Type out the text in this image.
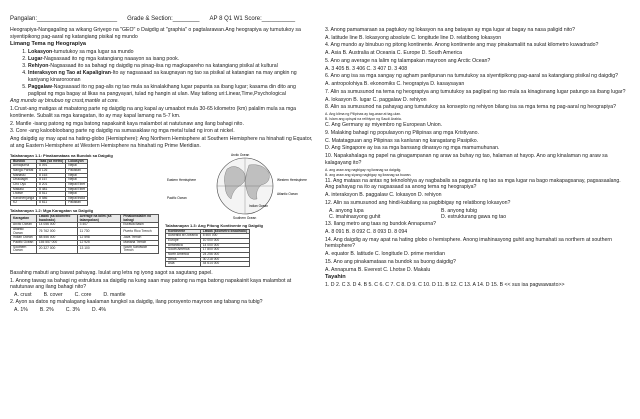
Pangalan:________________________ Grade & Section:________ AP 8 Q1 W1 Score:__________
Heograpiya-Nangagaling sa wikang Griyego na "GEO" o Daigdig at "graphia" o pagtalarawan.Ang heograpiya ay tumutukoy sa siyentipikong pag-aaral ng katangiang pisikal ng mundo
Limang Tema ng Heograpiya
1. Lokasyon-tumutukoy sa mga lugar sa mundo
2. Lugar-Nagsasaad ito ng mga katangiang naaayon sa isang pook.
3. Rehiyon-Nagsasaad ito sa bahagi ng daigdig na pinag-iisa ng magkapareho na katangiang pisikal at kultural
4. Interaksyon ng Tao at Kapaligiran-Ito ay nagsasaad sa kaugnayan ng tao sa pisikal at katangian na may angkin ng kaniyang kinaroroonan
5. Paggalaw-Nagsasaad ito ng pag-alis ng tao mula sa kinalakihang lugar papunta sa ibang lugar; kasama din dito ang paglipat ng mga bagay at likas na pangyayari, tulad ng hangin at ulan. May tatlong uri:Linear,Time,Psychological
Ang mundo ay binubuo ng crust,mantle at core.
1.Crust-ang matigas at mabatong parte ng daigdig na ang kapal ay umaabot mula 30-65 kilometro (km) palalim mula sa mga kontinente. Subalit sa mga karagatan, ito ay may kapal lamang na 5-7 km.
2. Mantle -isang patong ng mga batong napakainit kaya malambot at natutunaw ang ilang bahagi nito.
3. Core -ang kaloobloobang parte ng daigdig na sumasaklaw ng mga metal tulad ng iron at nickel.
Ang daigdig ay may apat na hating-globo (Hemisphere): Ang Northern Hemisphere at Southern Hemisphere na hinahati ng Equator, at ang Eastern Hemisphere at Western Hemisphere na hinahati ng Prime Meridian.
Talahanayan 1.1: Pinakamataas na Bundok sa Daigdig
Bundok	Taas (sa metro)	Lokasyon
Annapurna	8 091	Nepal
Nanga Parbat	8 126	Pakistan
Manaslu	8 163	Nepal
Dhaulagiri	8 167	Nepal
Cho Oyu	8 201	Nepal/Tibet
Makalu	8 481	Nepal/Tibet
Lhotse	8 511	Nepal
Kanchenjunga	8 586	Nepal/India
K2	8 611	Pakistan
Talahanayan 1.2: Mga Karagatan sa Daigdig
Karagatan	Lawak (sa kilometro kwadrado)	Average na lalim (sa talampakan)	Pinakamalalim na bahagi
Arctic Ocean	14 056 000	3 407	Eurasia Basin
Atlantic Ocean	76 762 000	11 730	Puerto Rico Trench
Indian Ocean	68 556 000	12 598	Java Trench
Pacific Ocean	155 557 000	12 925	Mariana Trench
Southern Ocean	20 327 000	13 100	South Sandwich Trench
Arctic Ocean
Eastern Hemisphere	Western Hemisphere
Pacific Ocean
Atlantic Ocean
Indian Ocean
Southern Ocean
Talahanayan 1.3: Ang Pitong Kontinente ng Daigdig
Kontinente	Lawak (kilometro kwadrado)
Australia at Oceania	8 500 000
Europe	10 000 000
Antarctica	14 000 000
South America	17 800 000
North America	24 256 000
Africa	30 218 000
Asia	44 614 000
Basahing mabuti ang bawat pahayag. Isulat ang letra ng iyong sagot sa sagutang papel.
1. Anong tawag sa bahagi ng estruktura sa daigdig na kung saan may patong na mga batong napakainit kaya malambot at natutunaw ang ilang bahagi nito?
A. crust B. cover C. core D. mantle
2. Ayon sa datos ng mahalagang kaalaman tungkol sa daigdig, ilang porsyento mayroon ang tabang na tubig?
A. 1% B. 2% C. 3% D. 4%
3. Anong pamamaraan sa pagtukoy ng lokasyon na ang batayan ay mga lugar at bagay na nasa paligid nito?
A. latitude line B. lokasyong absolute C. longitude line D. relatibong lokasyon
4. Ang mundo ay binubuo ng pitong kontinente. Anong kontinente ang may pinakamaliit na sukat kilometro kuwadrado?
A. Asia B. Australia at Oceania C. Europe D. South America
5. Ano ang average na lalim ng talampakan mayroon ang Arctic Ocean?
A. 3 405 B. 3 406 C. 3 407 D. 3 408
6. Ano ang isa sa mga sangay ng agham panlipunan na tumutukoy sa siyentipikong pag-aaral sa katangiang pisikal ng daigdig?
A. antropolohiya B. ekonomiks C. heograpiya D. kasaysayan
7. Alin sa sumusunod na tema ng heograpiya ang tumutukoy sa paglipat ng tao mula sa kinagisnang lugar patungo sa ibang lugar?
A. lokasyon B. lugar C. paggalaw D. rehiyon
8. Alin sa sumusunod na pahayag ang tumutukoy sa konsepto ng rehiyon bilang isa sa mga tema ng pag-aaral ng heograpiya?
A. Ang klima ng Pilipinas ay tag-araw at tag-ulan.
B. Islam ang opisyal na relihiyon ng Saudi Arabia.
C. Ang Germany ay miyembro ng European Union.
9. Malaking bahagi ng populasyon ng Pilipinas ang mga Kristiyano.
C. Matatagpuan ang Pilipinas sa kanluran ng karagatang Pasipiko.
D. Ang Singapore ay isa sa mga bansang dinarayo ng mga mamumuhunan.
10. Napakahalaga ng papel na ginagampanan ng araw sa buhay ng tao, halaman at hayop. Ano ang kinalaman ng araw sa kalagayang ito?
A. ang araw ang nagbigay ng liwanag sa daigdig.
B. ang araw ang siyang nagbigay ng liwanag sa buwan.
11. Ang mataas na antas ng teknolohiya ay nagbabalis sa pagpunta ng tao sa mga lugar na bago makapagsanay, pagsasaalang. Ang pahayag na ito ay nagsasaad sa anong tema ng heograpiya?
A. interaksyon B. paggalaw C. lokasyon D. rehiyon
12. Alin sa sumusunod ang hindi-kabilang sa pagbibigay ng relatibong lokasyon?
A. anyong lupa	B. anyong tubig
C. imahinasyong guhit	D. estrukturang gawa ng tao
13. Ilang metro ang taas ng bundok Annapurna?
A. 8 091 B. 8 092 C. 8 093 D. 8 094
14. Ang daigdig ay may apat na hating globo o hemisphere. Anong imahinasyong guhit ang humahati sa northern at southern hemisphere?
A. equator B. latitude C. longitude D. prime meridian
15. Ano ang pinakamataas na bundok sa buong daigdig?
A. Annapurna B. Everest C. Lhotse D. Makalu
Tayahin
1. D 2. C 3. D 4. B 5. C 6. C 7. C 8. D 9. C 10. D 11. B 12. C 13. A 14. D 15. B << sus isa pagwawasto>>
